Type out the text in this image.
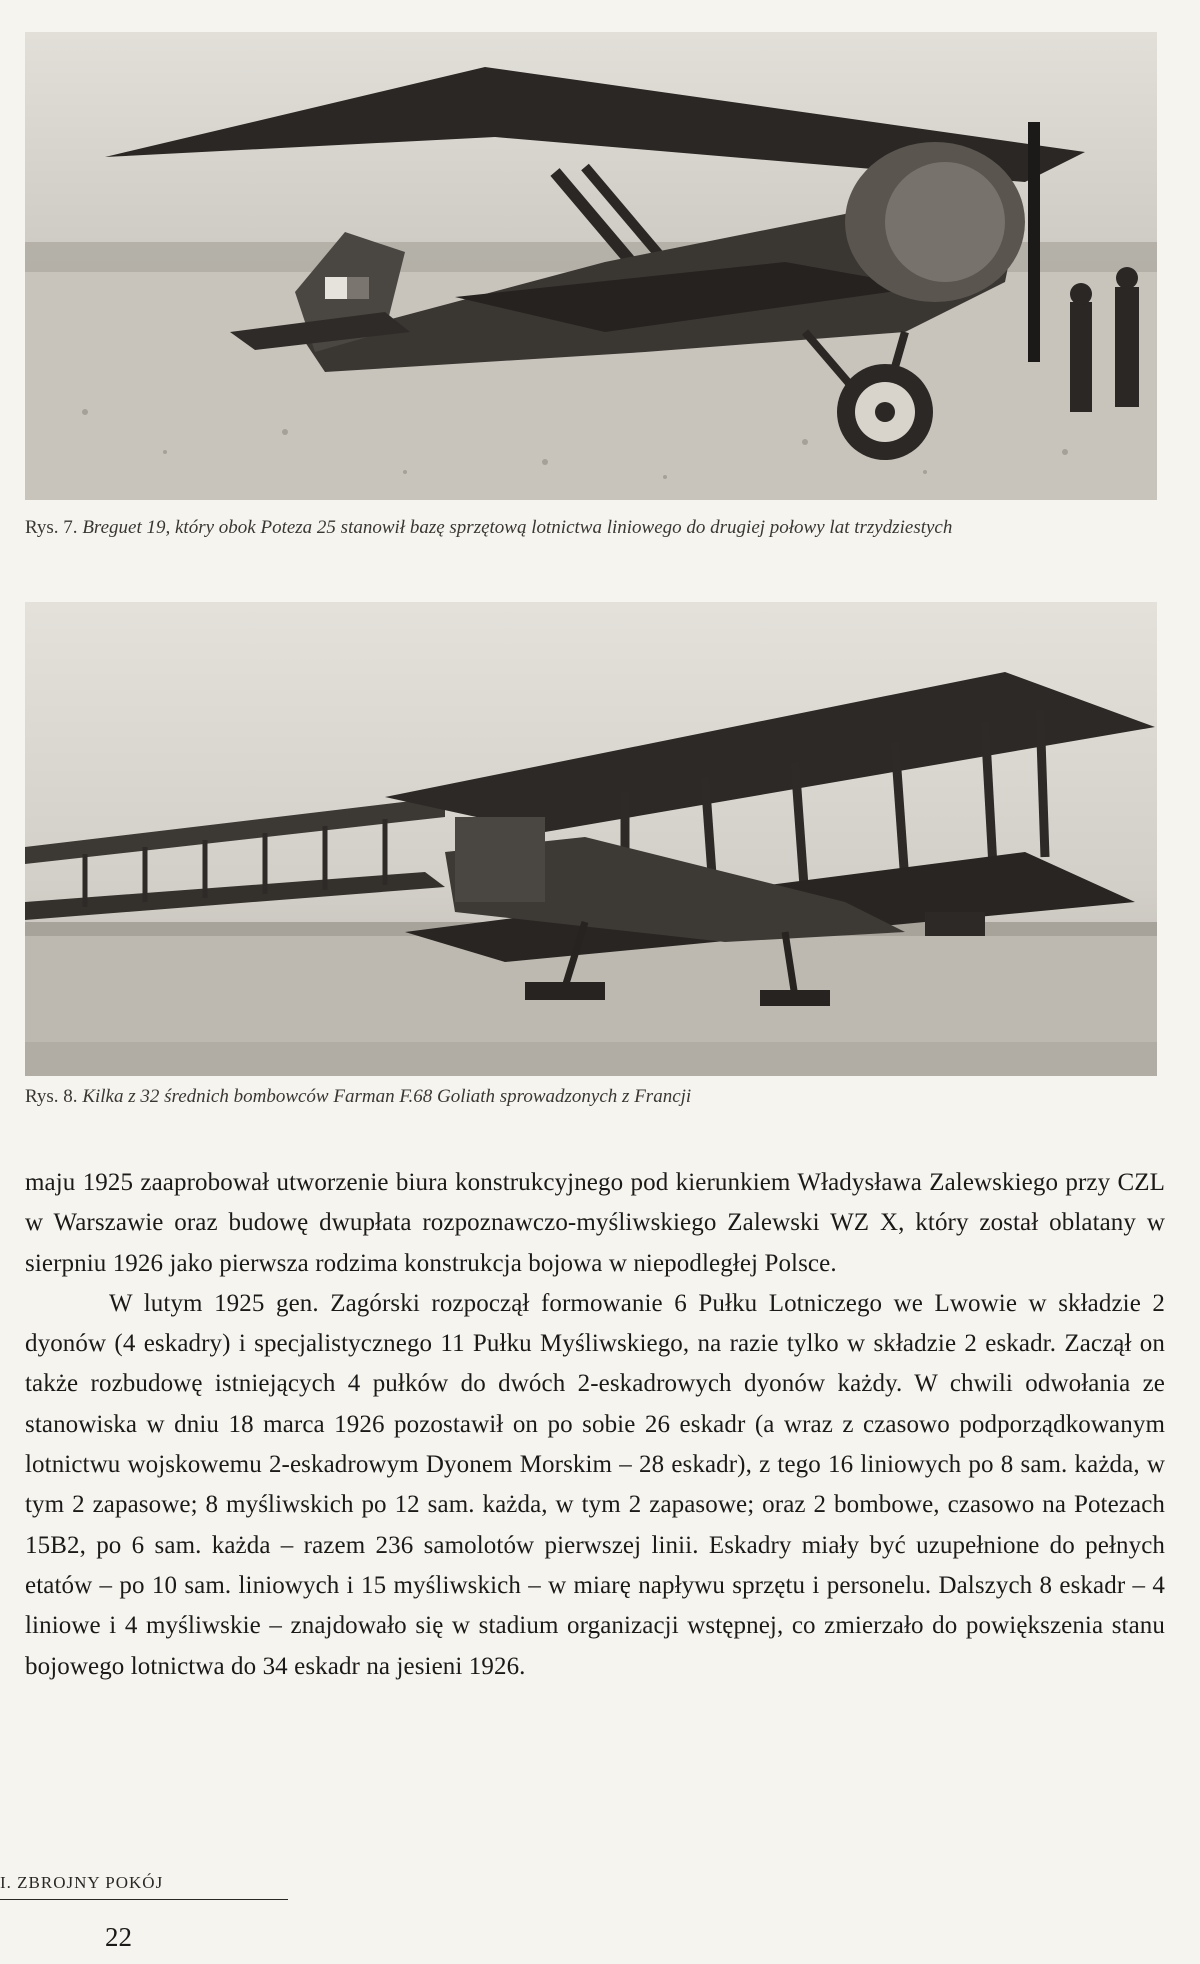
Rys. 7. Breguet 19, który obok Poteza 25 stanowił bazę sprzętową lotnictwa liniowego do drugiej połowy lat trzydziestych
Rys. 8. Kilka z 32 średnich bombowców Farman F.68 Goliath sprowadzonych z Francji

maju 1925 zaaprobował utworzenie biura konstrukcyjnego pod kierunkiem Władysława Zalewskiego przy CZL w Warszawie oraz budowę dwupłata rozpoznawczo-myśliwskiego Zalewski WZ X, który został oblatany w sierpniu 1926 jako pierwsza rodzima konstrukcja bojowa w niepodległej Polsce.

W lutym 1925 gen. Zagórski rozpoczął formowanie 6 Pułku Lotniczego we Lwowie w składzie 2 dyonów (4 eskadry) i specjalistycznego 11 Pułku Myśliwskiego, na razie tylko w składzie 2 eskadr. Zaczął on także rozbudowę istniejących 4 pułków do dwóch 2-eskadrowych dyonów każdy. W chwili odwołania ze stanowiska w dniu 18 marca 1926 pozostawił on po sobie 26 eskadr (a wraz z czasowo podporządkowanym lotnictwu wojskowemu 2-eskadrowym Dyonem Morskim – 28 eskadr), z tego 16 liniowych po 8 sam. każda, w tym 2 zapasowe; 8 myśliwskich po 12 sam. każda, w tym 2 zapasowe; oraz 2 bombowe, czasowo na Potezach 15B2, po 6 sam. każda – razem 236 samolotów pierwszej linii. Eskadry miały być uzupełnione do pełnych etatów – po 10 sam. liniowych i 15 myśliwskich – w miarę napływu sprzętu i personelu. Dalszych 8 eskadr – 4 liniowe i 4 myśliwskie – znajdowało się w stadium organizacji wstępnej, co zmierzało do powiększenia stanu bojowego lotnictwa do 34 eskadr na jesieni 1926.

I. ZBROJNY POKÓJ
22
